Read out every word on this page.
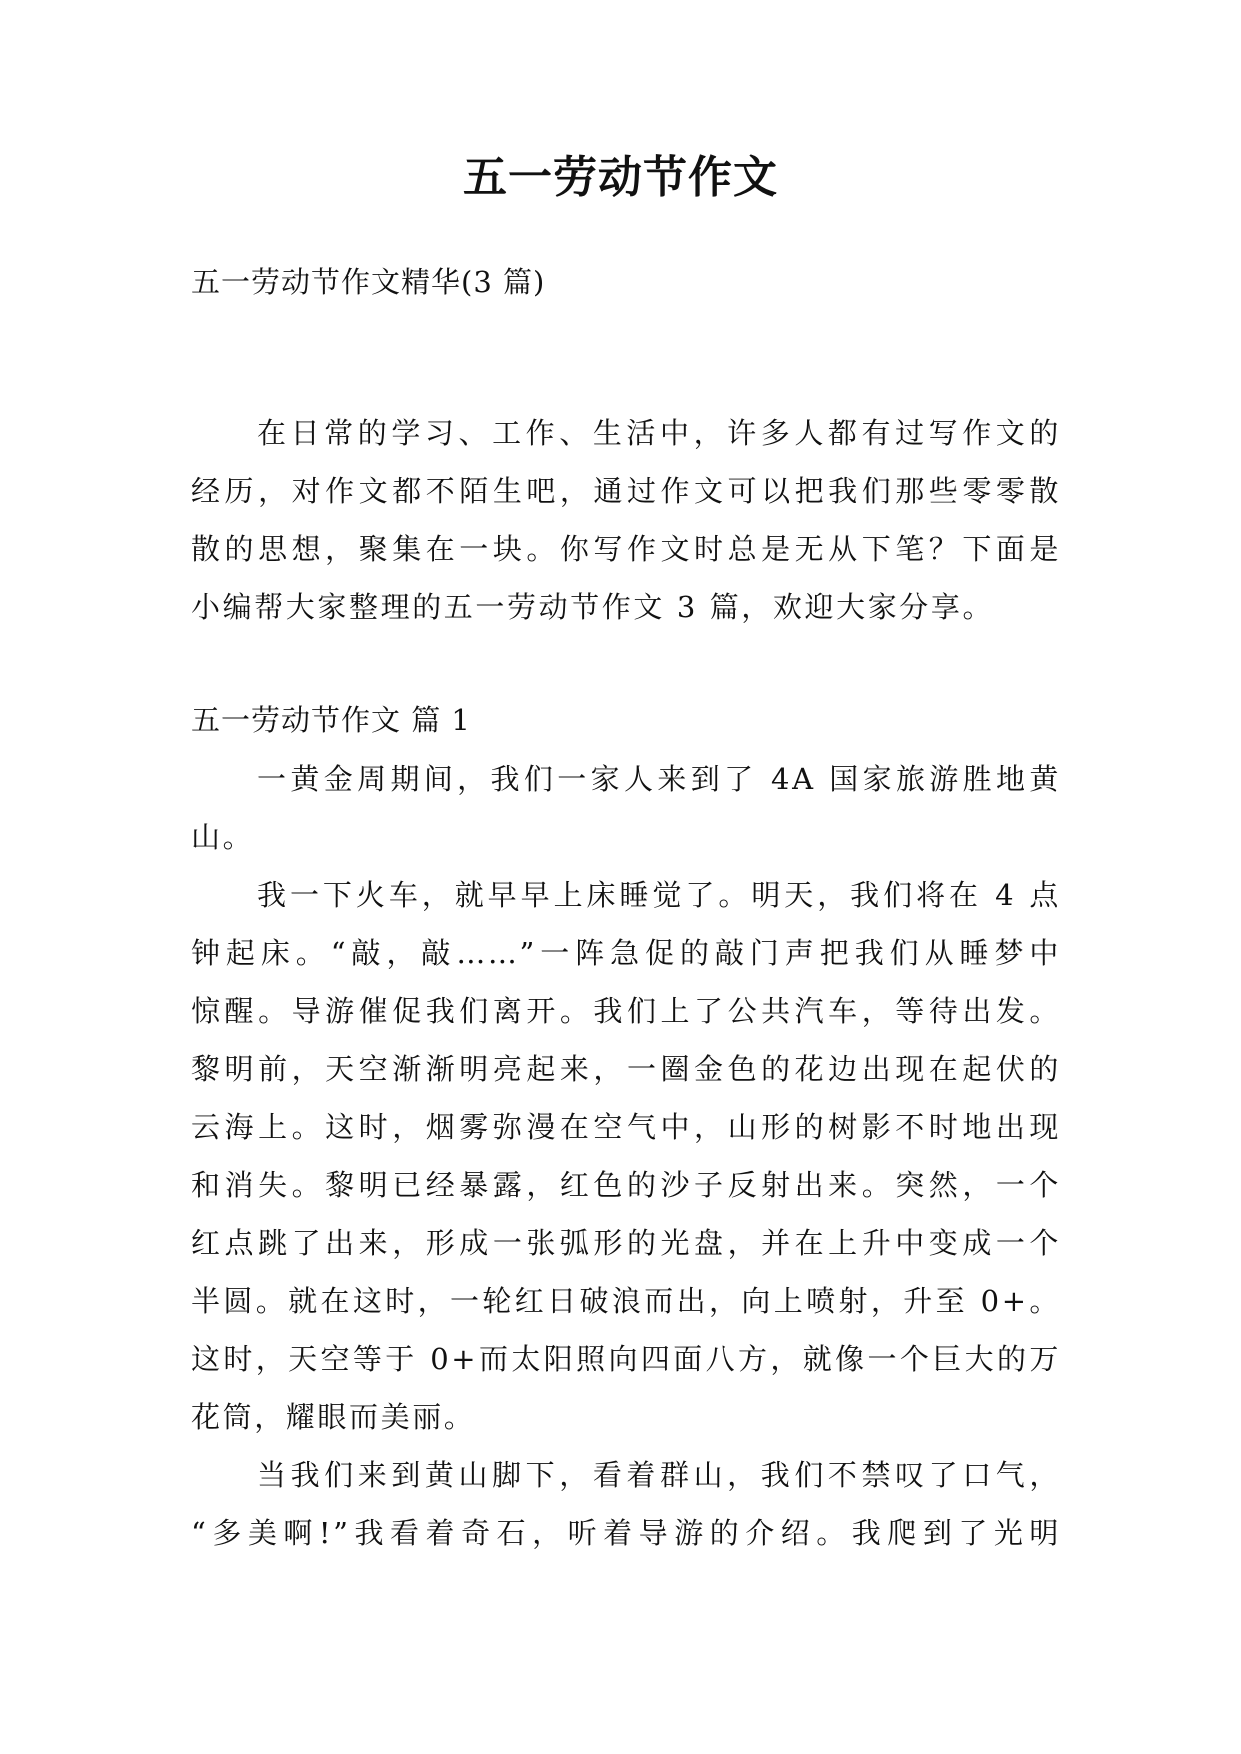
五一劳动节作文
五一劳动节作文精华(3 篇)
在日常的学习、工作、生活中，许多人都有过写作文的
经历，对作文都不陌生吧，通过作文可以把我们那些零零散
散的思想，聚集在一块。你写作文时总是无从下笔？下面是
小编帮大家整理的五一劳动节作文 3 篇，欢迎大家分享。
五一劳动节作文 篇 1
一黄金周期间，我们一家人来到了 4A 国家旅游胜地黄
山。
我一下火车，就早早上床睡觉了。明天，我们将在 4 点
钟起床。“敲，敲……”一阵急促的敲门声把我们从睡梦中
惊醒。导游催促我们离开。我们上了公共汽车，等待出发。
黎明前，天空渐渐明亮起来，一圈金色的花边出现在起伏的
云海上。这时，烟雾弥漫在空气中，山形的树影不时地出现
和消失。黎明已经暴露，红色的沙子反射出来。突然，一个
红点跳了出来，形成一张弧形的光盘，并在上升中变成一个
半圆。就在这时，一轮红日破浪而出，向上喷射，升至 0+。
这时，天空等于 0+而太阳照向四面八方，就像一个巨大的万
花筒，耀眼而美丽。
当我们来到黄山脚下，看着群山，我们不禁叹了口气，
“多美啊!”我看着奇石，听着导游的介绍。我爬到了光明
